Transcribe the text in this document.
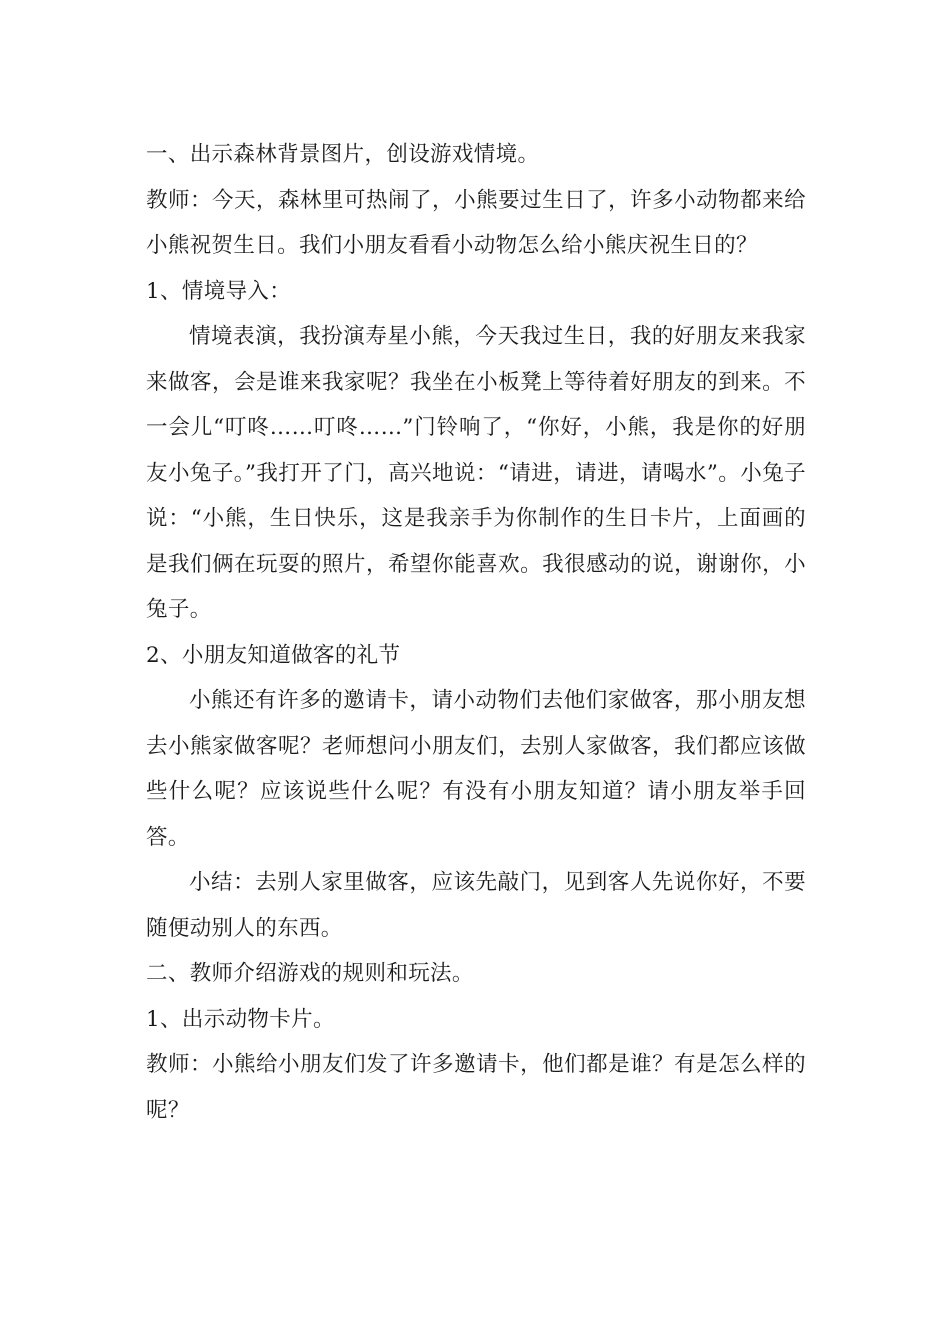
一、出示森林背景图片，创设游戏情境。

教师：今天，森林里可热闹了，小熊要过生日了，许多小动物都来给小熊祝贺生日。我们小朋友看看小动物怎么给小熊庆祝生日的？

1、情境导入：

情境表演，我扮演寿星小熊，今天我过生日，我的好朋友来我家来做客，会是谁来我家呢？我坐在小板凳上等待着好朋友的到来。不一会儿“叮咚……叮咚……”门铃响了，“你好，小熊，我是你的好朋友小兔子。”我打开了门，高兴地说：“请进，请进，请喝水”。小兔子说：“小熊，生日快乐，这是我亲手为你制作的生日卡片，上面画的是我们俩在玩耍的照片，希望你能喜欢。我很感动的说，谢谢你，小兔子。

2、小朋友知道做客的礼节

小熊还有许多的邀请卡，请小动物们去他们家做客，那小朋友想去小熊家做客呢？老师想问小朋友们，去别人家做客，我们都应该做些什么呢？应该说些什么呢？有没有小朋友知道？请小朋友举手回答。

小结：去别人家里做客，应该先敲门，见到客人先说你好，不要随便动别人的东西。

二、教师介绍游戏的规则和玩法。

1、出示动物卡片。

教师：小熊给小朋友们发了许多邀请卡，他们都是谁？有是怎么样的呢？
